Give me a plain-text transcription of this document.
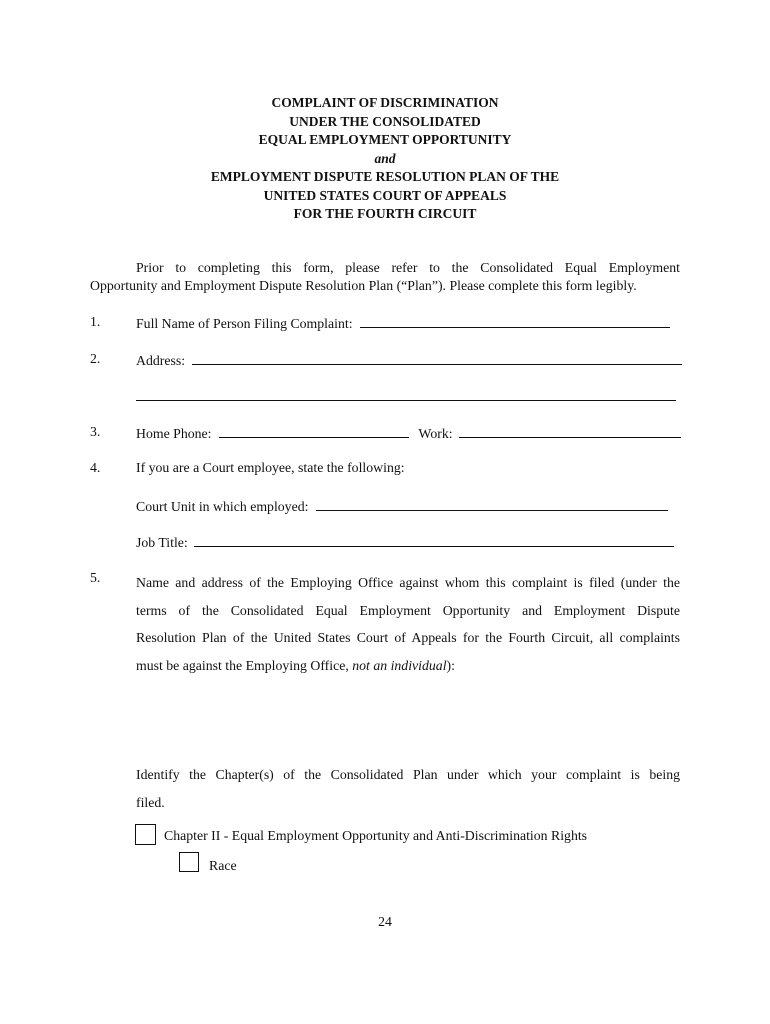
COMPLAINT OF DISCRIMINATION
UNDER THE CONSOLIDATED
EQUAL EMPLOYMENT OPPORTUNITY
and
EMPLOYMENT DISPUTE RESOLUTION PLAN OF THE
UNITED STATES COURT OF APPEALS
FOR THE FOURTH CIRCUIT
Prior to completing this form, please refer to the Consolidated Equal Employment
Opportunity and Employment Dispute Resolution Plan (“Plan”). Please complete this form legibly.
1.	Full Name of Person Filing Complaint:
2.	Address:
3.	Home Phone:	Work:
4.	If you are a Court employee, state the following:
Court Unit in which employed:
Job Title:
5.	Name and address of the Employing Office against whom this complaint is filed (under the
terms of the Consolidated Equal Employment Opportunity and Employment Dispute
Resolution Plan of the United States Court of Appeals for the Fourth Circuit, all complaints
must be against the Employing Office, not an individual):
Identify the Chapter(s) of the Consolidated Plan under which your complaint is being
filed.
Chapter II - Equal Employment Opportunity and Anti-Discrimination Rights
Race
24
